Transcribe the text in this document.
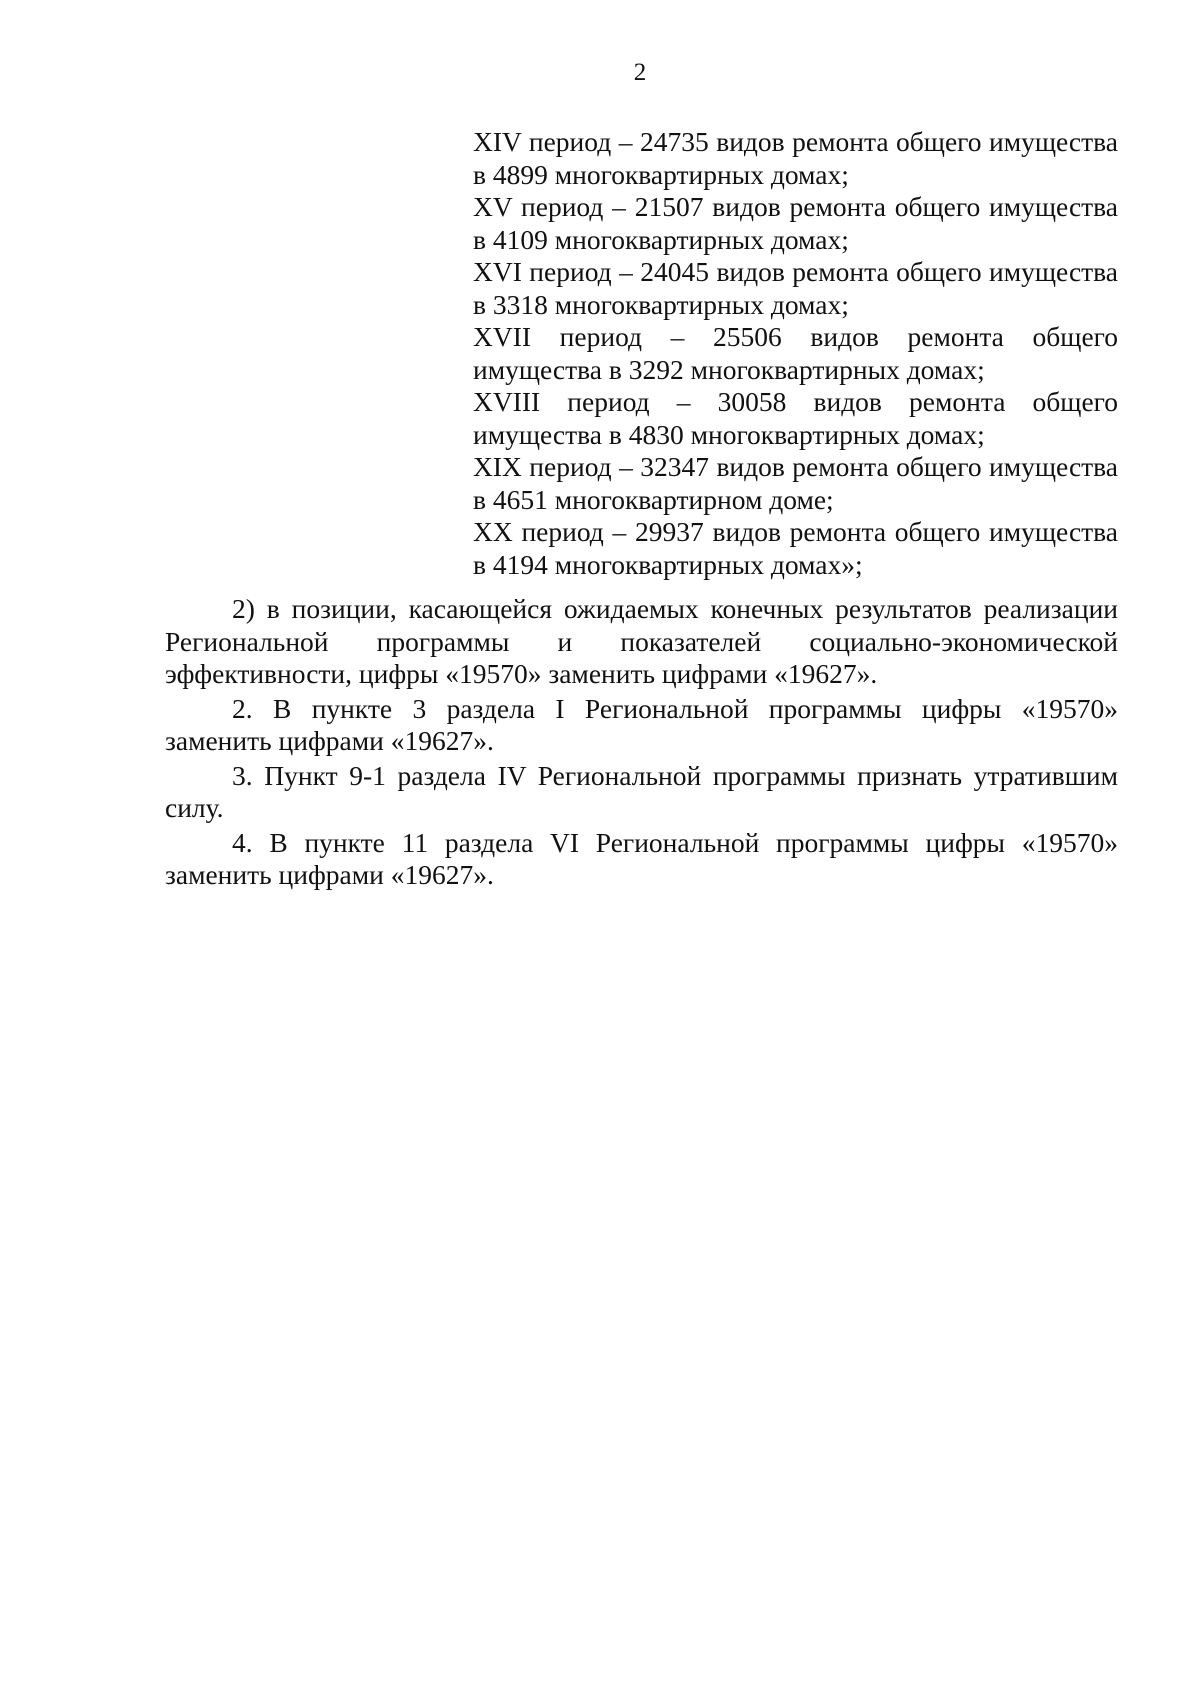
2

XIV период – 24735 видов ремонта общего имущества
в 4899 многоквартирных домах;

XV период – 21507 видов ремонта общего имущества
в 4109 многоквартирных домах;

XVI период – 24045 видов ремонта общего имущества
в 3318 многоквартирных домах;

XVII период – 25506 видов ремонта общего
имущества в 3292 многоквартирных домах;

XVIII период – 30058 видов ремонта общего
имущества в 4830 многоквартирных домах;

XIX период – 32347 видов ремонта общего имущества
в 4651 многоквартирном доме;

XX период – 29937 видов ремонта общего имущества
в 4194 многоквартирных домах»;

2) в позиции, касающейся ожидаемых конечных результатов реализации
Региональной программы и показателей социально-экономической
эффективности, цифры «19570» заменить цифрами «19627».

2. В пункте 3 раздела I Региональной программы цифры «19570»
заменить цифрами «19627».

3. Пункт 9-1 раздела IV Региональной программы признать утратившим
силу.

4. В пункте 11 раздела VI Региональной программы цифры «19570»
заменить цифрами «19627».
